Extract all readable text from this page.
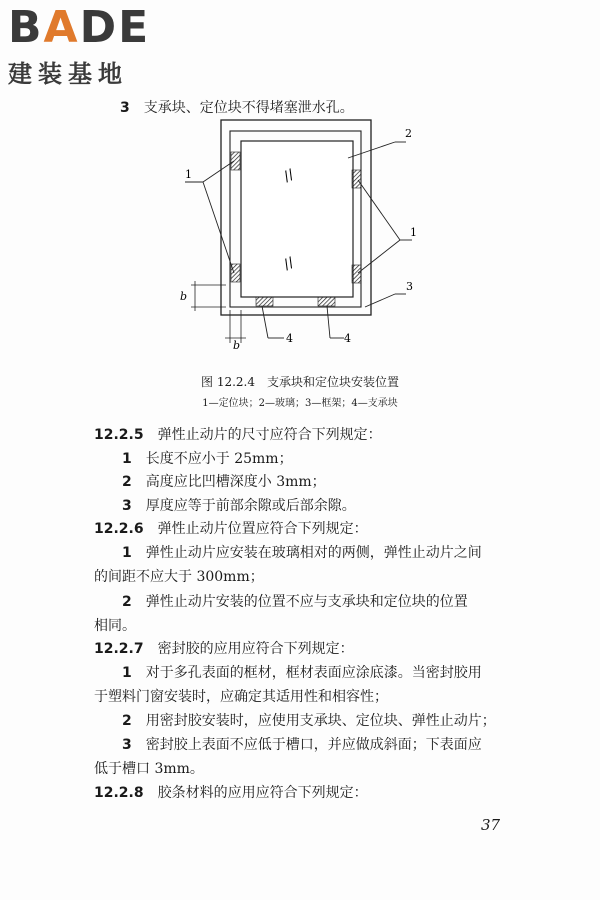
BADE
建装基地
3　 支承块、定位块不得堵塞泄水孔。
//
//
b
b
1
2
1
3
4	4
图 12.2.4　支承块和定位块安装位置
1—定位块；2—玻璃；3—框架；4—支承块
12.2.5　 弹性止动片的尺寸应符合下列规定：
1　 长度不应小于 25mm；
2　 高度应比凹槽深度小 3mm；
3　 厚度应等于前部余隙或后部余隙。
12.2.6　 弹性止动片位置应符合下列规定：
1　 弹性止动片应安装在玻璃相对的两侧，弹性止动片之间
的间距不应大于 300mm；
2　 弹性止动片安装的位置不应与支承块和定位块的位置
相同。
12.2.7　 密封胶的应用应符合下列规定：
1　 对于多孔表面的框材，框材表面应涂底漆。当密封胶用
于塑料门窗安装时，应确定其适用性和相容性；
2　 用密封胶安装时，应使用支承块、定位块、弹性止动片；
3　 密封胶上表面不应低于槽口，并应做成斜面；下表面应
低于槽口 3mm。
12.2.8　 胶条材料的应用应符合下列规定：
37
